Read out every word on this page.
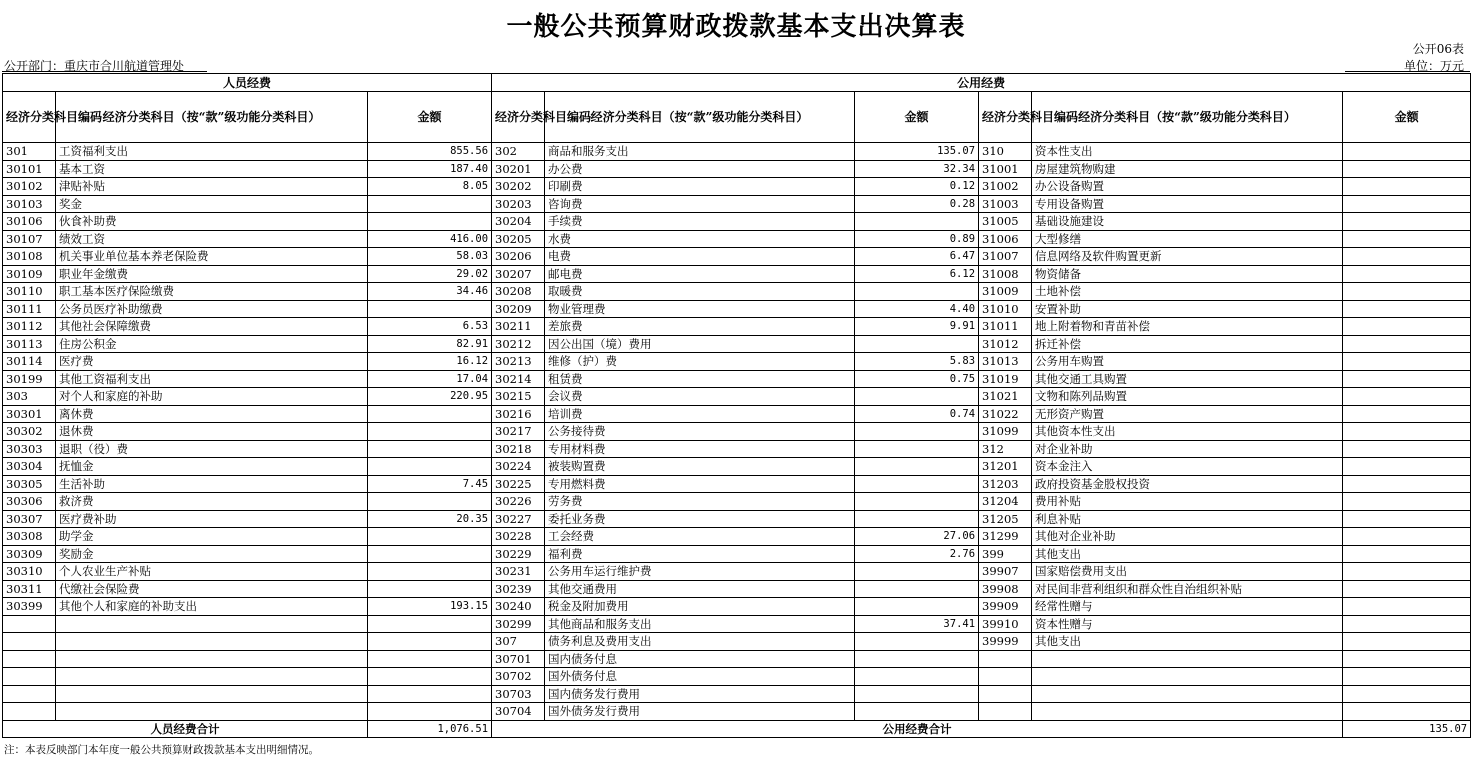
一般公共预算财政拨款基本支出决算表
公开06表
公开部门：重庆市合川航道管理处	单位：万元
人员经费			公用经费					
经济分类科目编码	经济分类科目（按“款”级功能分类科目）	金额	经济分类科目编码	经济分类科目（按“款”级功能分类科目）	金额	经济分类科目编码	经济分类科目（按“款”级功能分类科目）	金额
301	工资福利支出	855.56	302	商品和服务支出	135.07	310	资本性支出	
30101	基本工资	187.40	30201	办公费	32.34	31001	房屋建筑物购建	
30102	津贴补贴	8.05	30202	印刷费	0.12	31002	办公设备购置	
30103	奖金		30203	咨询费	0.28	31003	专用设备购置	
30106	伙食补助费		30204	手续费		31005	基础设施建设	
30107	绩效工资	416.00	30205	水费	0.89	31006	大型修缮	
30108	机关事业单位基本养老保险费	58.03	30206	电费	6.47	31007	信息网络及软件购置更新	
30109	职业年金缴费	29.02	30207	邮电费	6.12	31008	物资储备	
30110	职工基本医疗保险缴费	34.46	30208	取暖费		31009	土地补偿	
30111	公务员医疗补助缴费		30209	物业管理费	4.40	31010	安置补助	
30112	其他社会保障缴费	6.53	30211	差旅费	9.91	31011	地上附着物和青苗补偿	
30113	住房公积金	82.91	30212	因公出国（境）费用		31012	拆迁补偿	
30114	医疗费	16.12	30213	维修（护）费	5.83	31013	公务用车购置	
30199	其他工资福利支出	17.04	30214	租赁费	0.75	31019	其他交通工具购置	
303	对个人和家庭的补助	220.95	30215	会议费		31021	文物和陈列品购置	
30301	离休费		30216	培训费	0.74	31022	无形资产购置	
30302	退休费		30217	公务接待费		31099	其他资本性支出	
30303	退职（役）费		30218	专用材料费		312	对企业补助	
30304	抚恤金		30224	被装购置费		31201	资本金注入	
30305	生活补助	7.45	30225	专用燃料费		31203	政府投资基金股权投资	
30306	救济费		30226	劳务费		31204	费用补贴	
30307	医疗费补助	20.35	30227	委托业务费		31205	利息补贴	
30308	助学金		30228	工会经费	27.06	31299	其他对企业补助	
30309	奖励金		30229	福利费	2.76	399	其他支出	
30310	个人农业生产补贴		30231	公务用车运行维护费		39907	国家赔偿费用支出	
30311	代缴社会保险费		30239	其他交通费用		39908	对民间非营利组织和群众性自治组织补贴	
30399	其他个人和家庭的补助支出	193.15	30240	税金及附加费用		39909	经常性赠与	
			30299	其他商品和服务支出	37.41	39910	资本性赠与	
			307	债务利息及费用支出		39999	其他支出	
			30701	国内债务付息				
			30702	国外债务付息				
			30703	国内债务发行费用				
			30704	国外债务发行费用				
人员经费合计		1,076.51	公用经费合计					135.07
注：本表反映部门本年度一般公共预算财政拨款基本支出明细情况。
